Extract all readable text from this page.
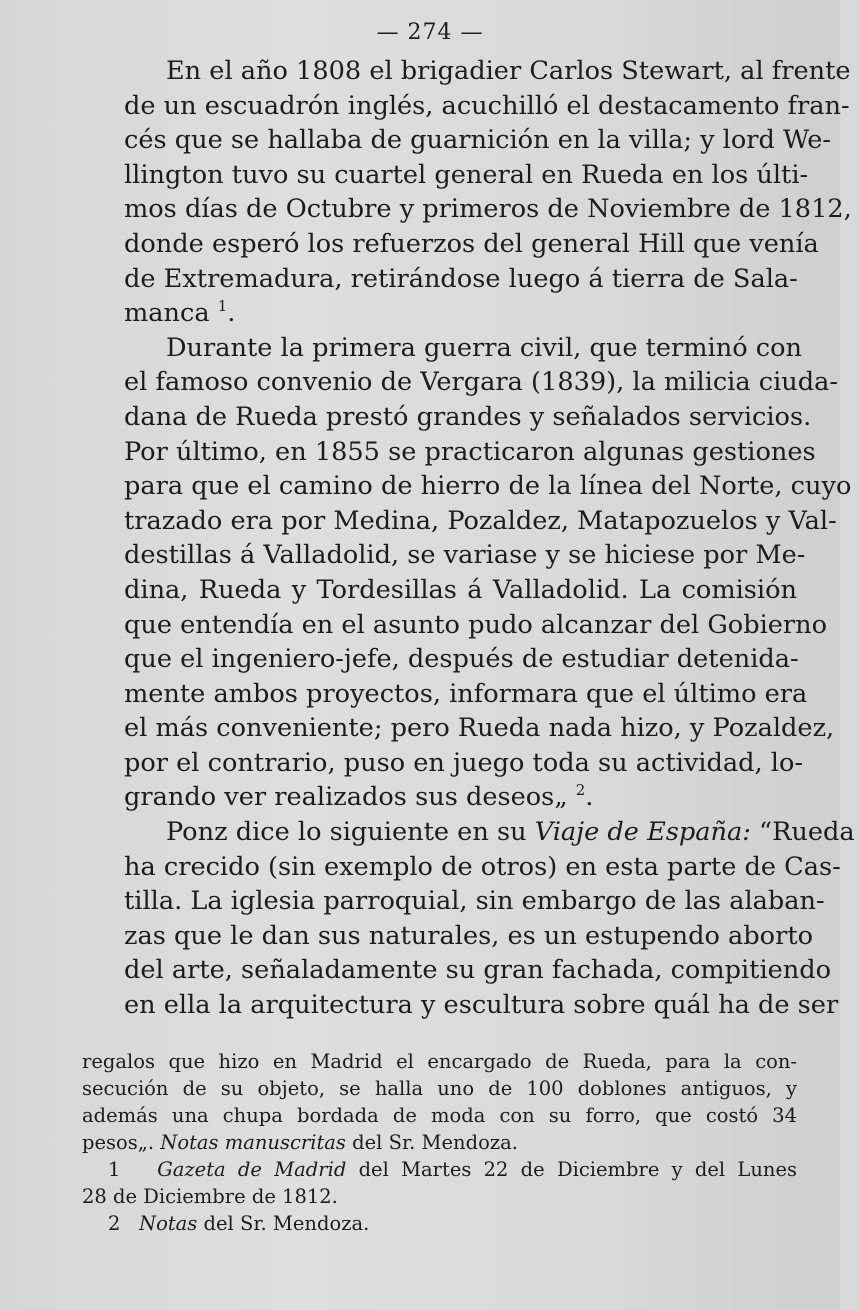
— 274 —

En el año 1808 el brigadier Carlos Stewart, al frente
de un escuadrón inglés, acuchilló el destacamento fran-
cés que se hallaba de guarnición en la villa; y lord We-
llington tuvo su cuartel general en Rueda en los últi-
mos días de Octubre y primeros de Noviembre de 1812,
donde esperó los refuerzos del general Hill que venía
de Extremadura, retirándose luego á tierra de Sala-
manca $^1$.

Durante la primera guerra civil, que terminó con
el famoso convenio de Vergara (1839), la milicia ciuda-
dana de Rueda prestó grandes y señalados servicios.
Por último, en 1855 se practicaron algunas gestiones
para que el camino de hierro de la línea del Norte, cuyo
trazado era por Medina, Pozaldez, Matapozuelos y Val-
destillas á Valladolid, se variase y se hiciese por Me-
dina, Rueda y Tordesillas á Valladolid. La comisión
que entendía en el asunto pudo alcanzar del Gobierno
que el ingeniero-jefe, después de estudiar detenida-
mente ambos proyectos, informara que el último era
el más conveniente; pero Rueda nada hizo, y Pozaldez,
por el contrario, puso en juego toda su actividad, lo-
grando ver realizados sus deseos„ $^2$.

Ponz dice lo siguiente en su Viaje de España: “Rueda
ha crecido (sin exemplo de otros) en esta parte de Cas-
tilla. La iglesia parroquial, sin embargo de las alaban-
zas que le dan sus naturales, es un estupendo aborto
del arte, señaladamente su gran fachada, compitiendo
en ella la arquitectura y escultura sobre quál ha de ser

regalos que hizo en Madrid el encargado de Rueda, para la con-
secución de su objeto, se halla uno de 100 doblones antiguos, y
además una chupa bordada de moda con su forro, que costó 34
pesos„. Notas manuscritas del Sr. Mendoza.
1 Gazeta de Madrid del Martes 22 de Diciembre y del Lunes
28 de Diciembre de 1812.
2 Notas del Sr. Mendoza.
